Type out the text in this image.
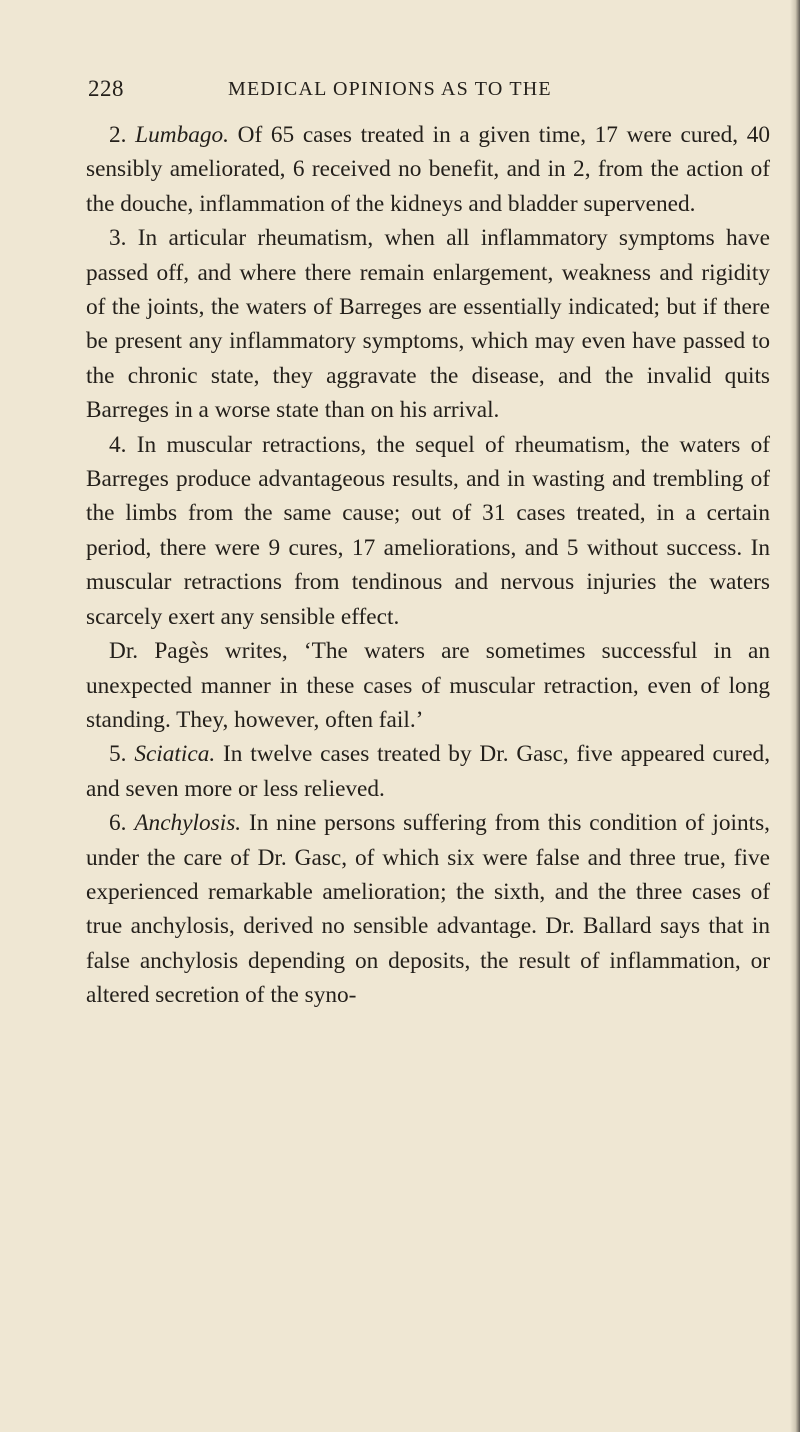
228	MEDICAL OPINIONS AS TO THE

2. Lumbago. Of 65 cases treated in a given time, 17 were cured, 40 sensibly ameliorated, 6 received no benefit, and in 2, from the action of the douche, inflammation of the kidneys and bladder supervened.

3. In articular rheumatism, when all inflammatory symptoms have passed off, and where there remain enlargement, weakness and rigidity of the joints, the waters of Barreges are essentially indicated; but if there be present any inflammatory symptoms, which may even have passed to the chronic state, they aggravate the disease, and the invalid quits Barreges in a worse state than on his arrival.

4. In muscular retractions, the sequel of rheumatism, the waters of Barreges produce advantageous results, and in wasting and trembling of the limbs from the same cause; out of 31 cases treated, in a certain period, there were 9 cures, 17 ameliorations, and 5 without success. In muscular retractions from tendinous and nervous injuries the waters scarcely exert any sensible effect.

Dr. Pagès writes, ‘The waters are sometimes successful in an unexpected manner in these cases of muscular retraction, even of long standing. They, however, often fail.’

5. Sciatica. In twelve cases treated by Dr. Gasc, five appeared cured, and seven more or less relieved.

6. Anchylosis. In nine persons suffering from this condition of joints, under the care of Dr. Gasc, of which six were false and three true, five experienced remarkable amelioration; the sixth, and the three cases of true anchylosis, derived no sensible advantage. Dr. Ballard says that in false anchylosis depending on deposits, the result of inflammation, or altered secretion of the syno-
